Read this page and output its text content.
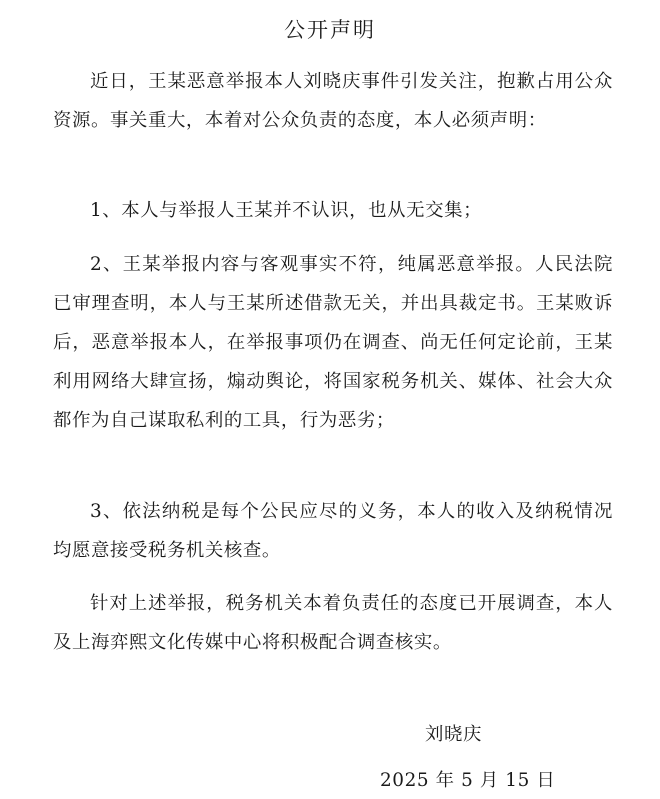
公开声明

近日，王某恶意举报本人刘晓庆事件引发关注，抱歉占用公众资源。事关重大，本着对公众负责的态度，本人必须声明：

1、本人与举报人王某并不认识，也从无交集；

2、王某举报内容与客观事实不符，纯属恶意举报。人民法院已审理查明，本人与王某所述借款无关，并出具裁定书。王某败诉后，恶意举报本人，在举报事项仍在调查、尚无任何定论前，王某利用网络大肆宣扬，煽动舆论，将国家税务机关、媒体、社会大众都作为自己谋取私利的工具，行为恶劣；

3、依法纳税是每个公民应尽的义务，本人的收入及纳税情况均愿意接受税务机关核查。

针对上述举报，税务机关本着负责任的态度已开展调查，本人及上海弈熙文化传媒中心将积极配合调查核实。

刘晓庆
2025 年 5 月 15 日
